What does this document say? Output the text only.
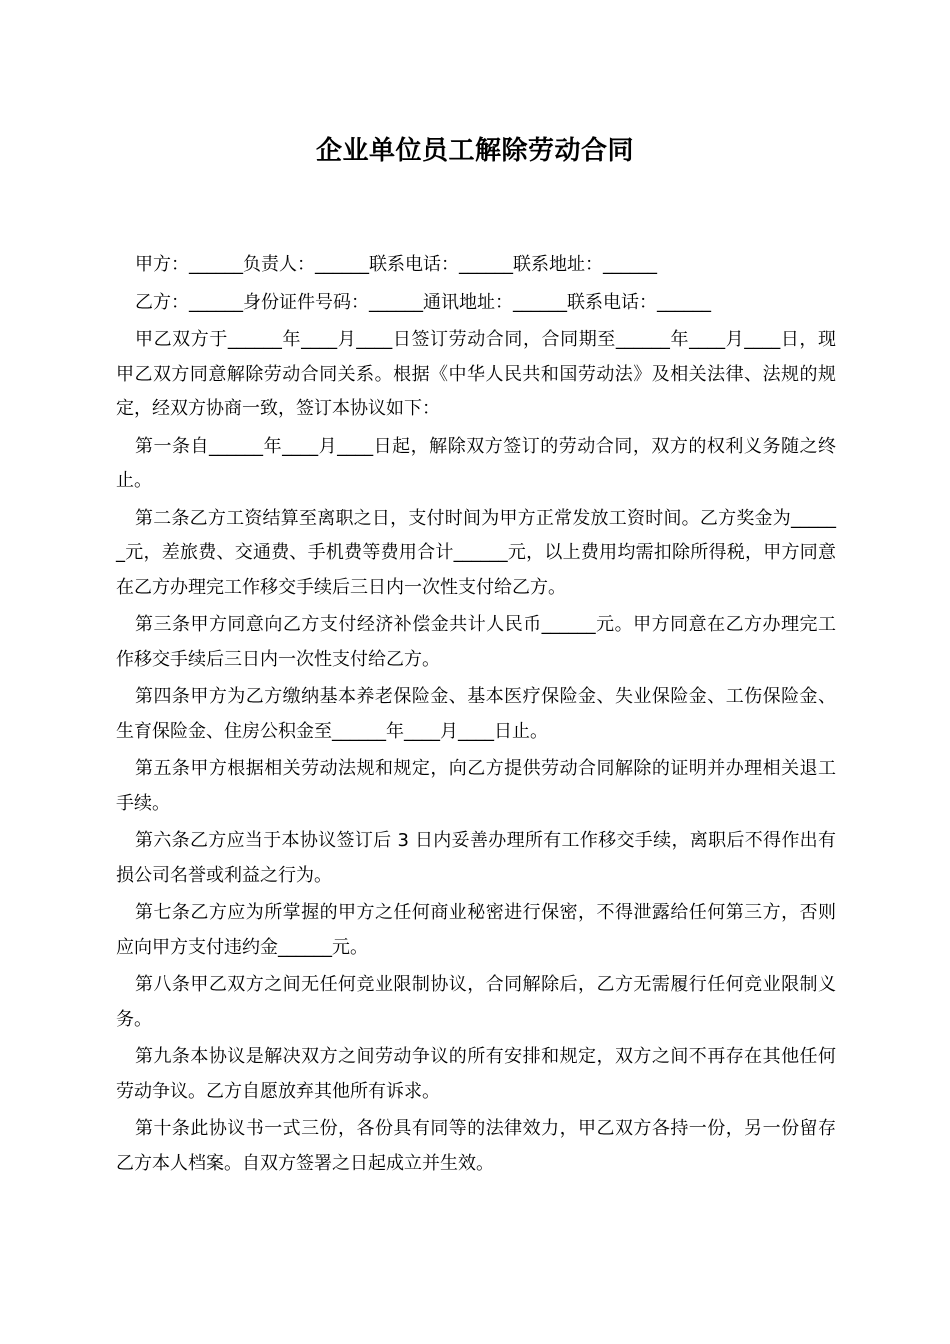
企业单位员工解除劳动合同

甲方：______负责人：______联系电话：______联系地址：______

乙方：______身份证件号码：______通讯地址：______联系电话：______

甲乙双方于______年____月____日签订劳动合同，合同期至______年____月____日，现甲乙双方同意解除劳动合同关系。根据《中华人民共和国劳动法》及相关法律、法规的规定，经双方协商一致，签订本协议如下：

第一条自______年____月____日起，解除双方签订的劳动合同，双方的权利义务随之终止。

第二条乙方工资结算至离职之日，支付时间为甲方正常发放工资时间。乙方奖金为______元，差旅费、交通费、手机费等费用合计______元，以上费用均需扣除所得税，甲方同意在乙方办理完工作移交手续后三日内一次性支付给乙方。

第三条甲方同意向乙方支付经济补偿金共计人民币______元。甲方同意在乙方办理完工作移交手续后三日内一次性支付给乙方。

第四条甲方为乙方缴纳基本养老保险金、基本医疗保险金、失业保险金、工伤保险金、生育保险金、住房公积金至______年____月____日止。

第五条甲方根据相关劳动法规和规定，向乙方提供劳动合同解除的证明并办理相关退工手续。

第六条乙方应当于本协议签订后 3 日内妥善办理所有工作移交手续，离职后不得作出有损公司名誉或利益之行为。

第七条乙方应为所掌握的甲方之任何商业秘密进行保密，不得泄露给任何第三方，否则应向甲方支付违约金______元。

第八条甲乙双方之间无任何竞业限制协议，合同解除后，乙方无需履行任何竞业限制义务。

第九条本协议是解决双方之间劳动争议的所有安排和规定，双方之间不再存在其他任何劳动争议。乙方自愿放弃其他所有诉求。

第十条此协议书一式三份，各份具有同等的法律效力，甲乙双方各持一份，另一份留存乙方本人档案。自双方签署之日起成立并生效。
